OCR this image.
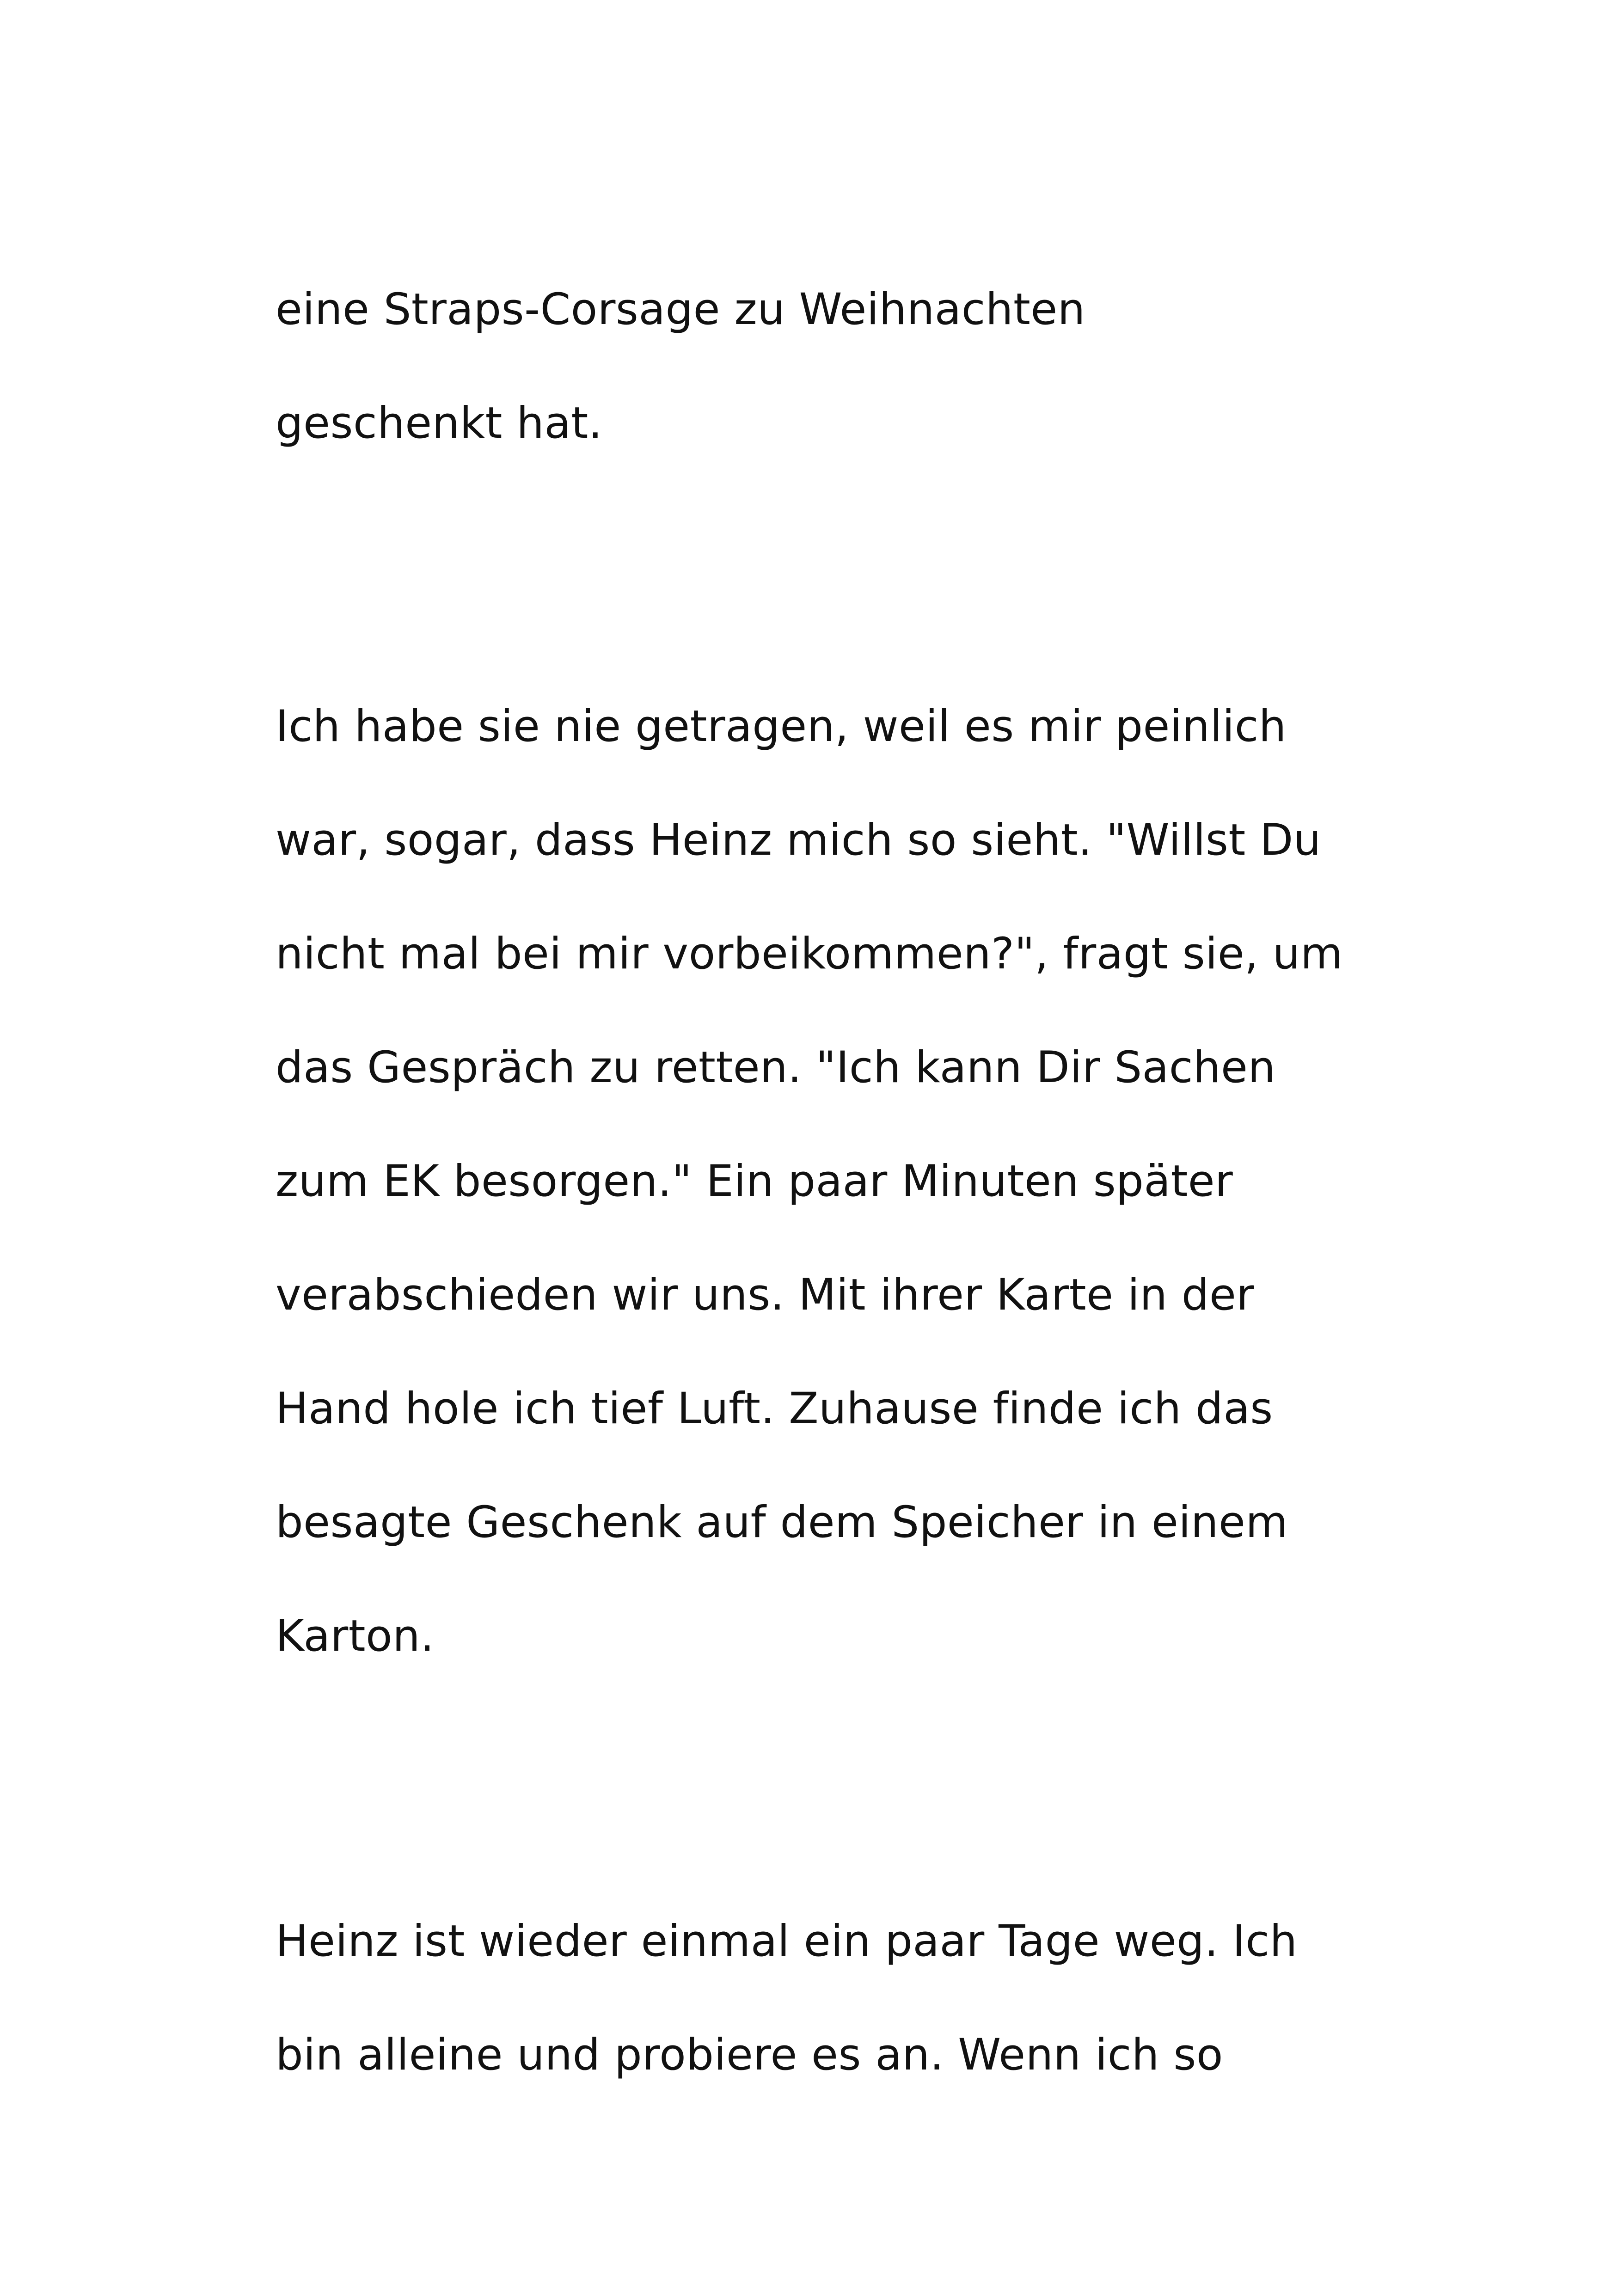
eine Straps-Corsage zu Weihnachten
geschenkt hat.
Ich habe sie nie getragen, weil es mir peinlich
war, sogar, dass Heinz mich so sieht. "Willst Du
nicht mal bei mir vorbeikommen?", fragt sie, um
das Gespräch zu retten. "Ich kann Dir Sachen
zum EK besorgen." Ein paar Minuten später
verabschieden wir uns. Mit ihrer Karte in der
Hand hole ich tief Luft. Zuhause finde ich das
besagte Geschenk auf dem Speicher in einem
Karton.
Heinz ist wieder einmal ein paar Tage weg. Ich
bin alleine und probiere es an. Wenn ich so
